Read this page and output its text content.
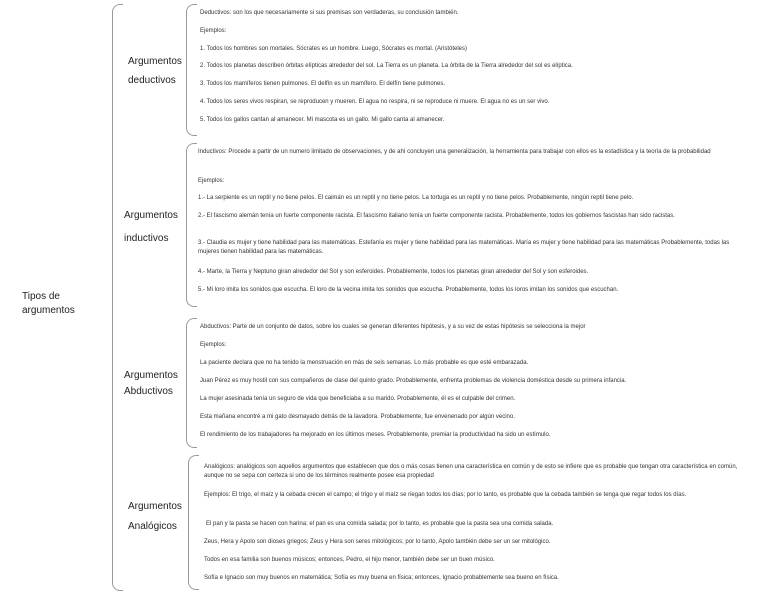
Tipos de
argumentos
Argumentos
deductivos
Deductivos: son los que necesariamente si sus premisas son verdaderas, su conclusión también.
Ejemplos:
1. Todos los hombres son mortales. Sócrates es un hombre. Luego, Sócrates es mortal. (Aristóteles)
2. Todos los planetas describen órbitas elípticas alrededor del sol. La Tierra es un planeta. La órbita de la Tierra alrededor del sol es elíptica.
3. Todos los mamíferos tienen pulmones. El delfín es un mamífero. El delfín tiene pulmones.
4. Todos los seres vivos respiran, se reproducen y mueren. El agua no respira, ni se reproduce ni muere. El agua no es un ser vivo.
5. Todos los gallos cantan al amanecer. Mi mascota es un gallo. Mi gallo canta al amanecer.
Argumentos
inductivos
Inductivos: Procede a partir de un numero limitado de observaciones, y de ahí concluyen una generalización, la herramienta para trabajar con ellos es la estadística y la teoría de la probabilidad
Ejemplos:
1.- La serpiente es un reptil y no tiene pelos. El caimán es un reptil y no tiene pelos. La tortuga es un reptil y no tiene pelos. Probablemente, ningún reptil tiene pelo.
2.- El fascismo alemán tenía un fuerte componente racista. El fascismo italiano tenía un fuerte componente racista. Probablemente, todos los gobiernos fascistas han sido racistas.
3.- Claudia es mujer y tiene habilidad para las matemáticas. Estefanía es mujer y tiene habilidad para las matemáticas. María es mujer y tiene habilidad para las matemáticas Probablemente, todas las mujeres tienen habilidad para las matemáticas.
4.- Marte, la Tierra y Neptuno giran alrededor del Sol y son esferoides. Probablemente, todos los planetas giran alrededor del Sol y son esferoides.
5.- Mi loro imita los sonidos que escucha. El loro de la vecina imita los sonidos que escucha. Probablemente, todos los loros imitan los sonidos que escuchan.
Argumentos
Abductivos
Abductivos: Parte de un conjunto de datos, sobre los cuales se generan diferentes hipótesis, y a su vez de estas hipótesis se selecciona la mejor
Ejemplos:
La paciente declara que no ha tenido la menstruación en más de seis semanas. Lo más probable es que esté embarazada.
Juan Pérez es muy hostil con sus compañeros de clase del quinto grado. Probablemente, enfrenta problemas de violencia doméstica desde su primera infancia.
La mujer asesinada tenía un seguro de vida que beneficiaba a su marido. Probablemente, él es el culpable del crimen.
Esta mañana encontré a mi gato desmayado detrás de la lavadora. Probablemente, fue envenenado por algún vecino.
El rendimiento de los trabajadores ha mejorado en los últimos meses. Probablemente, premiar la productividad ha sido un estímulo.
Argumentos
Analógicos
Analógicos: analógicos son aquellos argumentos que establecen que dos o más cosas tienen una característica en común y de esto se infiere que es probable que tengan otra característica en común, aunque no se sepa con certeza si uno de los términos realmente posee esa propiedad
Ejemplos: El trigo, el maíz y la cebada crecen el campo; el trigo y el maíz se riegan todos los días; por lo tanto, es probable que la cebada también se tenga que regar todos los días.
El pan y la pasta se hacen con harina; el pan es una comida salada; por lo tanto, es probable que la pasta sea una comida salada.
Zeus, Hera y Apolo son dioses griegos; Zeus y Hera son seres mitológicos; por lo tanto, Apolo también debe ser un ser mitológico.
Todos en esa familia son buenos músicos; entonces, Pedro, el hijo menor, también debe ser un buen músico.
Sofía e Ignacio son muy buenos en matemática; Sofía es muy buena en física; entonces, Ignacio probablemente sea bueno en física.
